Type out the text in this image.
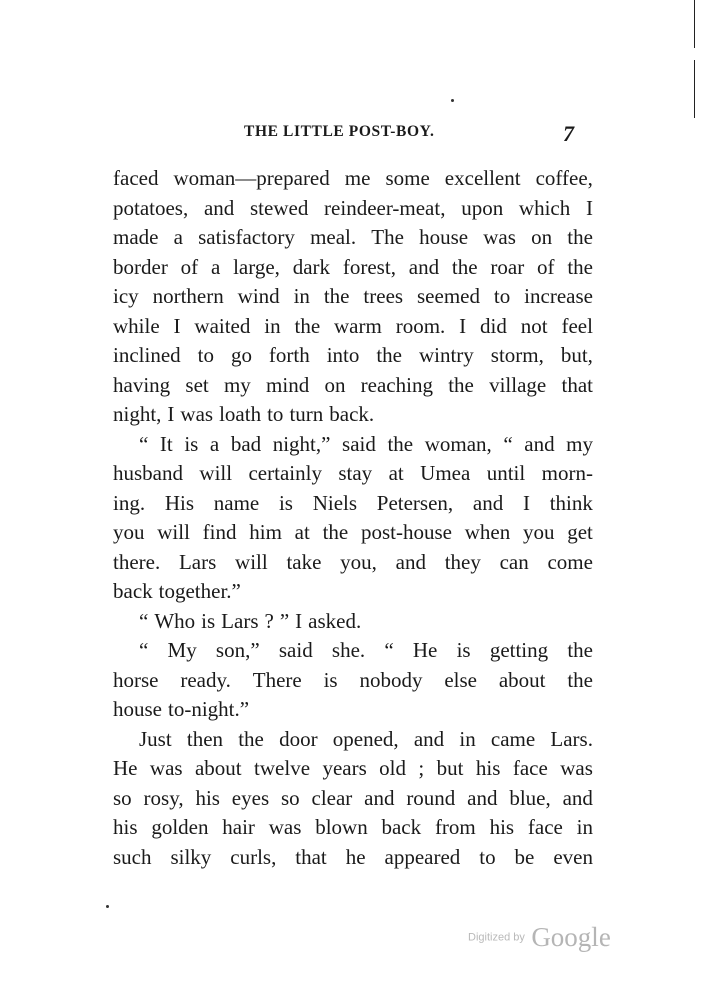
THE LITTLE POST-BOY.	7
faced woman—prepared me some excellent coffee,
potatoes, and stewed reindeer-meat, upon which I
made a satisfactory meal. The house was on the
border of a large, dark forest, and the roar of the
icy northern wind in the trees seemed to increase
while I waited in the warm room. I did not feel
inclined to go forth into the wintry storm, but,
having set my mind on reaching the village that
night, I was loath to turn back.
“ It is a bad night,” said the woman, “ and my
husband will certainly stay at Umea until morn-
ing. His name is Niels Petersen, and I think
you will find him at the post-house when you get
there. Lars will take you, and they can come
back together.”
“ Who is Lars ? ” I asked.
“ My son,” said she. “ He is getting the
horse ready. There is nobody else about the
house to-night.”
Just then the door opened, and in came Lars.
He was about twelve years old ; but his face was
so rosy, his eyes so clear and round and blue, and
his golden hair was blown back from his face in
such silky curls, that he appeared to be even
Digitized by Google
